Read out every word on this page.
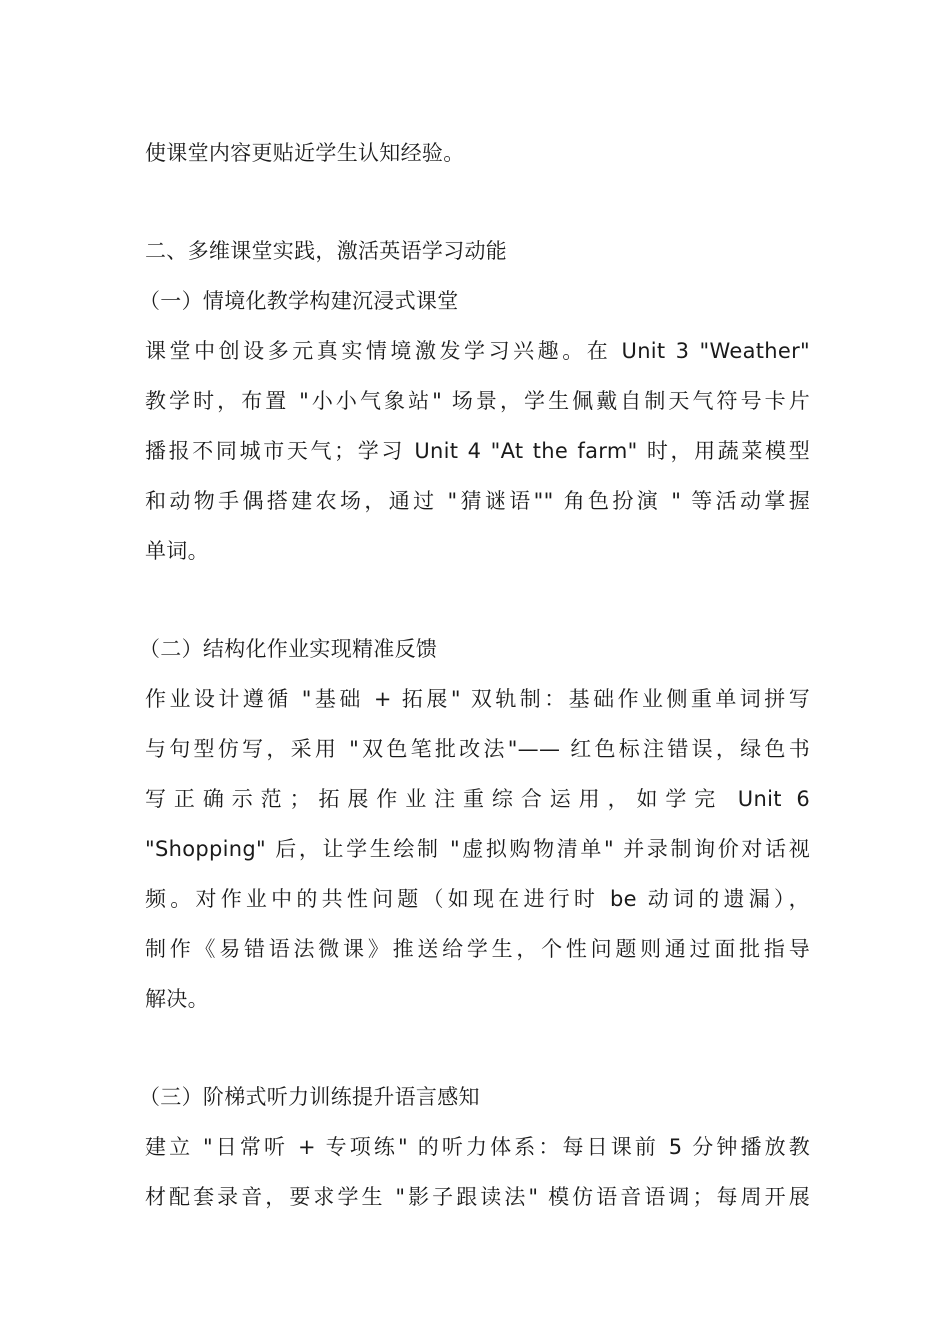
使课堂内容更贴近学生认知经验。
二、多维课堂实践，激活英语学习动能
（一）情境化教学构建沉浸式课堂
课堂中创设多元真实情境激发学习兴趣。在 Unit 3 "Weather"
教学时，布置 "小小气象站" 场景，学生佩戴自制天气符号卡片
播报不同城市天气；学习 Unit 4 "At the farm" 时，用蔬菜模型
和动物手偶搭建农场，通过 "猜谜语"" 角色扮演 " 等活动掌握
单词。
（二）结构化作业实现精准反馈
作业设计遵循 "基础 + 拓展" 双轨制：基础作业侧重单词拼写
与句型仿写，采用 "双色笔批改法"—— 红色标注错误，绿色书
写正确示范；拓展作业注重综合运用，如学完 Unit 6
"Shopping" 后，让学生绘制 "虚拟购物清单" 并录制询价对话视
频。对作业中的共性问题（如现在进行时 be 动词的遗漏），
制作《易错语法微课》推送给学生，个性问题则通过面批指导
解决。
（三）阶梯式听力训练提升语言感知
建立 "日常听 + 专项练" 的听力体系：每日课前 5 分钟播放教
材配套录音，要求学生 "影子跟读法" 模仿语音语调；每周开展
